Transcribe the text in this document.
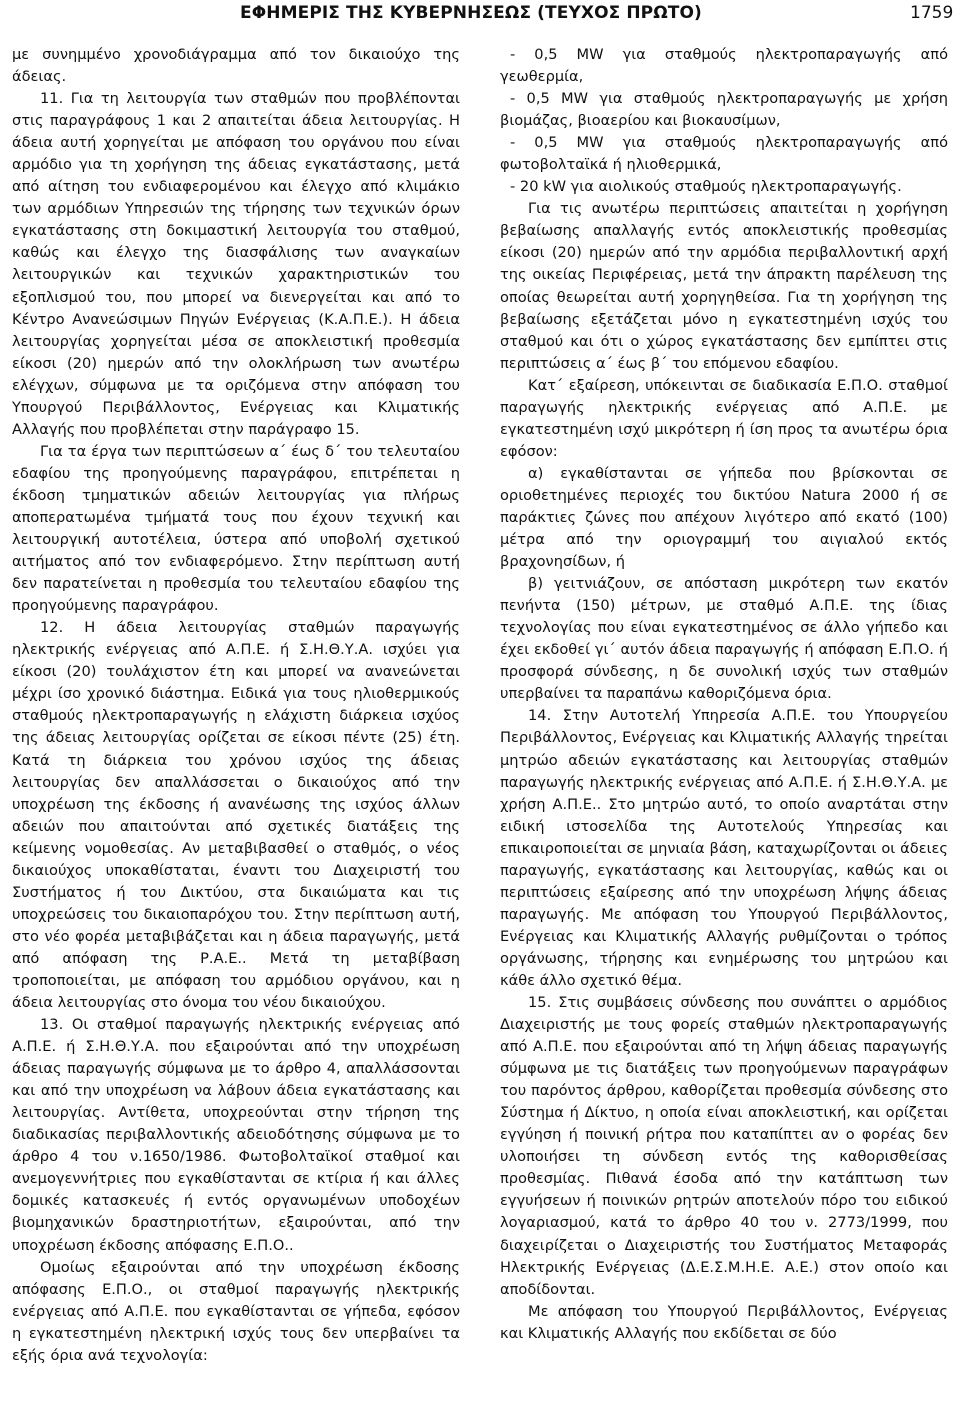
ΕΦΗΜΕΡΙΣ ΤΗΣ ΚΥΒΕΡΝΗΣΕΩΣ (ΤΕΥΧΟΣ ΠΡΩΤΟ)	1759

με συνημμένο χρονοδιάγραμμα από τον δικαιούχο της άδειας.

11. Για τη λειτουργία των σταθμών που προβλέπονται στις παραγράφους 1 και 2 απαιτείται άδεια λειτουργίας. Η άδεια αυτή χορηγείται με απόφαση του οργάνου που είναι αρμόδιο για τη χορήγηση της άδειας εγκατάστασης, μετά από αίτηση του ενδιαφερομένου και έλεγχο από κλιμάκιο των αρμόδιων Υπηρεσιών της τήρησης των τεχνικών όρων εγκατάστασης στη δοκιμαστική λειτουργία του σταθμού, καθώς και έλεγχο της διασφάλισης των αναγκαίων λειτουργικών και τεχνικών χαρακτηριστικών του εξοπλισμού του, που μπορεί να διενεργείται και από το Κέντρο Ανανεώσιμων Πηγών Ενέργειας (Κ.Α.Π.Ε.). Η άδεια λειτουργίας χορηγείται μέσα σε αποκλειστική προθεσμία είκοσι (20) ημερών από την ολοκλήρωση των ανωτέρω ελέγχων, σύμφωνα με τα οριζόμενα στην απόφαση του Υπουργού Περιβάλλοντος, Ενέργειας και Κλιματικής Αλλαγής που προβλέπεται στην παράγραφο 15.

Για τα έργα των περιπτώσεων α΄ έως δ΄ του τελευταίου εδαφίου της προηγούμενης παραγράφου, επιτρέπεται η έκδοση τμηματικών αδειών λειτουργίας για πλήρως αποπερατωμένα τμήματά τους που έχουν τεχνική και λειτουργική αυτοτέλεια, ύστερα από υποβολή σχετικού αιτήματος από τον ενδιαφερόμενο. Στην περίπτωση αυτή δεν παρατείνεται η προθεσμία του τελευταίου εδαφίου της προηγούμενης παραγράφου.

12. Η άδεια λειτουργίας σταθμών παραγωγής ηλεκτρικής ενέργειας από Α.Π.Ε. ή Σ.Η.Θ.Υ.Α. ισχύει για είκοσι (20) τουλάχιστον έτη και μπορεί να ανανεώνεται μέχρι ίσο χρονικό διάστημα. Ειδικά για τους ηλιοθερμικούς σταθμούς ηλεκτροπαραγωγής η ελάχιστη διάρκεια ισχύος της άδειας λειτουργίας ορίζεται σε είκοσι πέντε (25) έτη. Κατά τη διάρκεια του χρόνου ισχύος της άδειας λειτουργίας δεν απαλλάσσεται ο δικαιούχος από την υποχρέωση της έκδοσης ή ανανέωσης της ισχύος άλλων αδειών που απαιτούνται από σχετικές διατάξεις της κείμενης νομοθεσίας. Αν μεταβιβασθεί ο σταθμός, ο νέος δικαιούχος υποκαθίσταται, έναντι του Διαχειριστή του Συστήματος ή του Δικτύου, στα δικαιώματα και τις υποχρεώσεις του δικαιοπαρόχου του. Στην περίπτωση αυτή, στο νέο φορέα μεταβιβάζεται και η άδεια παραγωγής, μετά από απόφαση της Ρ.Α.Ε.. Μετά τη μεταβίβαση τροποποιείται, με απόφαση του αρμόδιου οργάνου, και η άδεια λειτουργίας στο όνομα του νέου δικαιούχου.

13. Οι σταθμοί παραγωγής ηλεκτρικής ενέργειας από Α.Π.Ε. ή Σ.Η.Θ.Υ.Α. που εξαιρούνται από την υποχρέωση άδειας παραγωγής σύμφωνα με το άρθρο 4, απαλλάσσονται και από την υποχρέωση να λάβουν άδεια εγκατάστασης και λειτουργίας. Αντίθετα, υποχρεούνται στην τήρηση της διαδικασίας περιβαλλοντικής αδειοδότησης σύμφωνα με το άρθρο 4 του ν.1650/1986. Φωτοβολταϊκοί σταθμοί και ανεμογεννήτριες που εγκαθίστανται σε κτίρια ή και άλλες δομικές κατασκευές ή εντός οργανωμένων υποδοχέων βιομηχανικών δραστηριοτήτων, εξαιρούνται, από την υποχρέωση έκδοσης απόφασης Ε.Π.Ο..

Ομοίως εξαιρούνται από την υποχρέωση έκδοσης απόφασης Ε.Π.Ο., οι σταθμοί παραγωγής ηλεκτρικής ενέργειας από Α.Π.Ε. που εγκαθίστανται σε γήπεδα, εφόσον η εγκατεστημένη ηλεκτρική ισχύς τους δεν υπερβαίνει τα εξής όρια ανά τεχνολογία:

- 0,5 MW για σταθμούς ηλεκτροπαραγωγής από γεωθερμία,

- 0,5 MW για σταθμούς ηλεκτροπαραγωγής με χρήση βιομάζας, βιοαερίου και βιοκαυσίμων,

- 0,5 MW για σταθμούς ηλεκτροπαραγωγής από φωτοβολταϊκά ή ηλιοθερμικά,

- 20 kW για αιολικούς σταθμούς ηλεκτροπαραγωγής.

Για τις ανωτέρω περιπτώσεις απαιτείται η χορήγηση βεβαίωσης απαλλαγής εντός αποκλειστικής προθεσμίας είκοσι (20) ημερών από την αρμόδια περιβαλλοντική αρχή της οικείας Περιφέρειας, μετά την άπρακτη παρέλευση της οποίας θεωρείται αυτή χορηγηθείσα. Για τη χορήγηση της βεβαίωσης εξετάζεται μόνο η εγκατεστημένη ισχύς του σταθμού και ότι ο χώρος εγκατάστασης δεν εμπίπτει στις περιπτώσεις α΄ έως β΄ του επόμενου εδαφίου.

Κατ΄ εξαίρεση, υπόκεινται σε διαδικασία Ε.Π.Ο. σταθμοί παραγωγής ηλεκτρικής ενέργειας από Α.Π.Ε. με εγκατεστημένη ισχύ μικρότερη ή ίση προς τα ανωτέρω όρια εφόσον:

α) εγκαθίστανται σε γήπεδα που βρίσκονται σε οριοθετημένες περιοχές του δικτύου Natura 2000 ή σε παράκτιες ζώνες που απέχουν λιγότερο από εκατό (100) μέτρα από την οριογραμμή του αιγιαλού εκτός βραχονησίδων, ή

β) γειτνιάζουν, σε απόσταση μικρότερη των εκατόν πενήντα (150) μέτρων, με σταθμό Α.Π.Ε. της ίδιας τεχνολογίας που είναι εγκατεστημένος σε άλλο γήπεδο και έχει εκδοθεί γι΄ αυτόν άδεια παραγωγής ή απόφαση Ε.Π.Ο. ή προσφορά σύνδεσης, η δε συνολική ισχύς των σταθμών υπερβαίνει τα παραπάνω καθοριζόμενα όρια.

14. Στην Αυτοτελή Υπηρεσία Α.Π.Ε. του Υπουργείου Περιβάλλοντος, Ενέργειας και Κλιματικής Αλλαγής τηρείται μητρώο αδειών εγκατάστασης και λειτουργίας σταθμών παραγωγής ηλεκτρικής ενέργειας από Α.Π.Ε. ή Σ.Η.Θ.Υ.Α. με χρήση Α.Π.Ε.. Στο μητρώο αυτό, το οποίο αναρτάται στην ειδική ιστοσελίδα της Αυτοτελούς Υπηρεσίας και επικαιροποιείται σε μηνιαία βάση, καταχωρίζονται οι άδειες παραγωγής, εγκατάστασης και λειτουργίας, καθώς και οι περιπτώσεις εξαίρεσης από την υποχρέωση λήψης άδειας παραγωγής. Με απόφαση του Υπουργού Περιβάλλοντος, Ενέργειας και Κλιματικής Αλλαγής ρυθμίζονται ο τρόπος οργάνωσης, τήρησης και ενημέρωσης του μητρώου και κάθε άλλο σχετικό θέμα.

15. Στις συμβάσεις σύνδεσης που συνάπτει ο αρμόδιος Διαχειριστής με τους φορείς σταθμών ηλεκτροπαραγωγής από Α.Π.Ε. που εξαιρούνται από τη λήψη άδειας παραγωγής σύμφωνα με τις διατάξεις των προηγούμενων παραγράφων του παρόντος άρθρου, καθορίζεται προθεσμία σύνδεσης στο Σύστημα ή Δίκτυο, η οποία είναι αποκλειστική, και ορίζεται εγγύηση ή ποινική ρήτρα που καταπίπτει αν ο φορέας δεν υλοποιήσει τη σύνδεση εντός της καθορισθείσας προθεσμίας. Πιθανά έσοδα από την κατάπτωση των εγγυήσεων ή ποινικών ρητρών αποτελούν πόρο του ειδικού λογαριασμού, κατά το άρθρο 40 του ν. 2773/1999, που διαχειρίζεται ο Διαχειριστής του Συστήματος Μεταφοράς Ηλεκτρικής Ενέργειας (Δ.Ε.Σ.Μ.Η.Ε. Α.Ε.) στον οποίο και αποδίδονται.

Με απόφαση του Υπουργού Περιβάλλοντος, Ενέργειας και Κλιματικής Αλλαγής που εκδίδεται σε δύο
